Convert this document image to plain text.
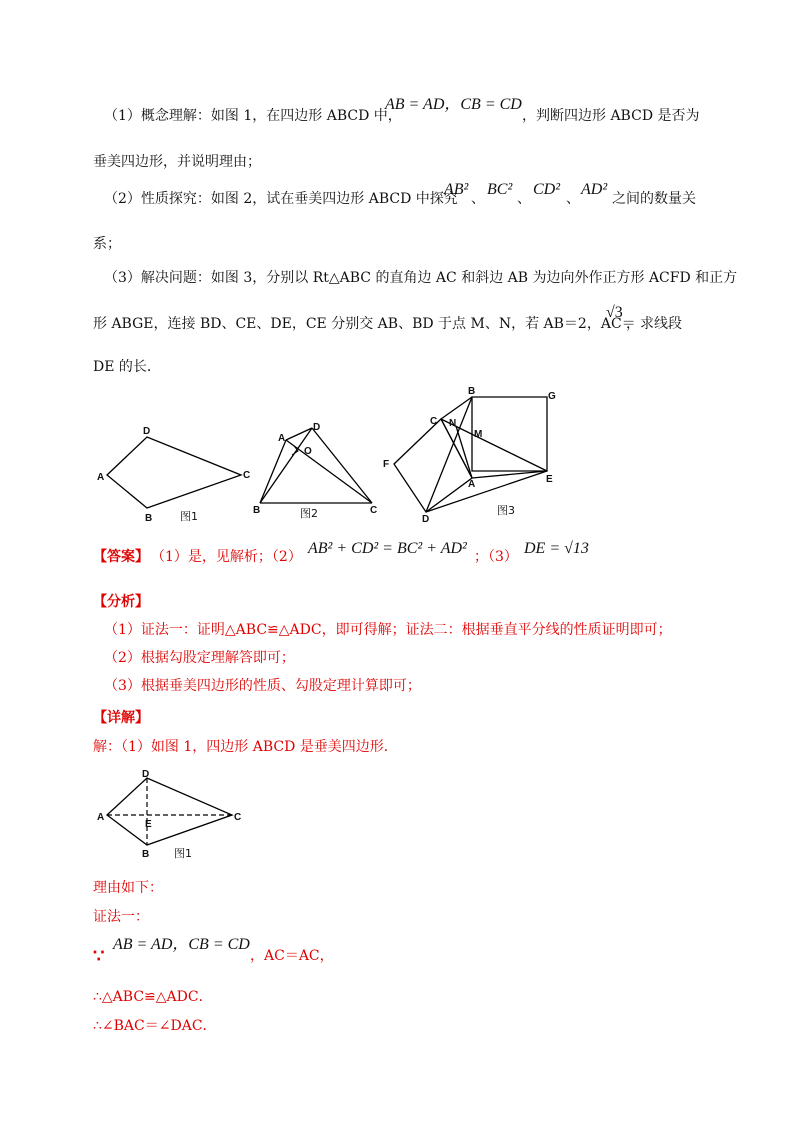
（1）概念理解：如图 1，在四边形 ABCD 中，
AB = AD，CB = CD
，判断四边形 ABCD 是否为
垂美四边形，并说明理由；
（2）性质探究：如图 2，试在垂美四边形 ABCD 中探究
AB²
、
BC²
、
CD²
、
AD²
之间的数量关
系；
（3）解决问题：如图 3，分别以 Rt△ABC 的直角边 AC 和斜边 AB 为边向外作正方形 ACFD 和正方
形 ABGE，连接 BD、CE、DE，CE 分别交 AB、BD 于点 M、N，若 AB＝2，AC＝
√3
，求线段
DE 的长．
A
D
C
B	图1
A
D
O
B	C
图2
B	G
C N
M
F
A	E
D
图3
【答案】 （1）是，见解析；（2） AB² + CD² = BC² + AD² ；（3） DE = √13
【分析】
（1）证法一：证明△ABC≌△ADC，即可得解；证法二：根据垂直平分线的性质证明即可；
（2）根据勾股定理解答即可；
（3）根据垂美四边形的性质、勾股定理计算即可；
【详解】
解：（1）如图 1，四边形 ABCD 是垂美四边形．
D
A
E
C
B 图1
理由如下：
证法一：
∵
AB = AD，CB = CD
，AC＝AC，
∴△ABC≌△ADC．
∴∠BAC＝∠DAC．
